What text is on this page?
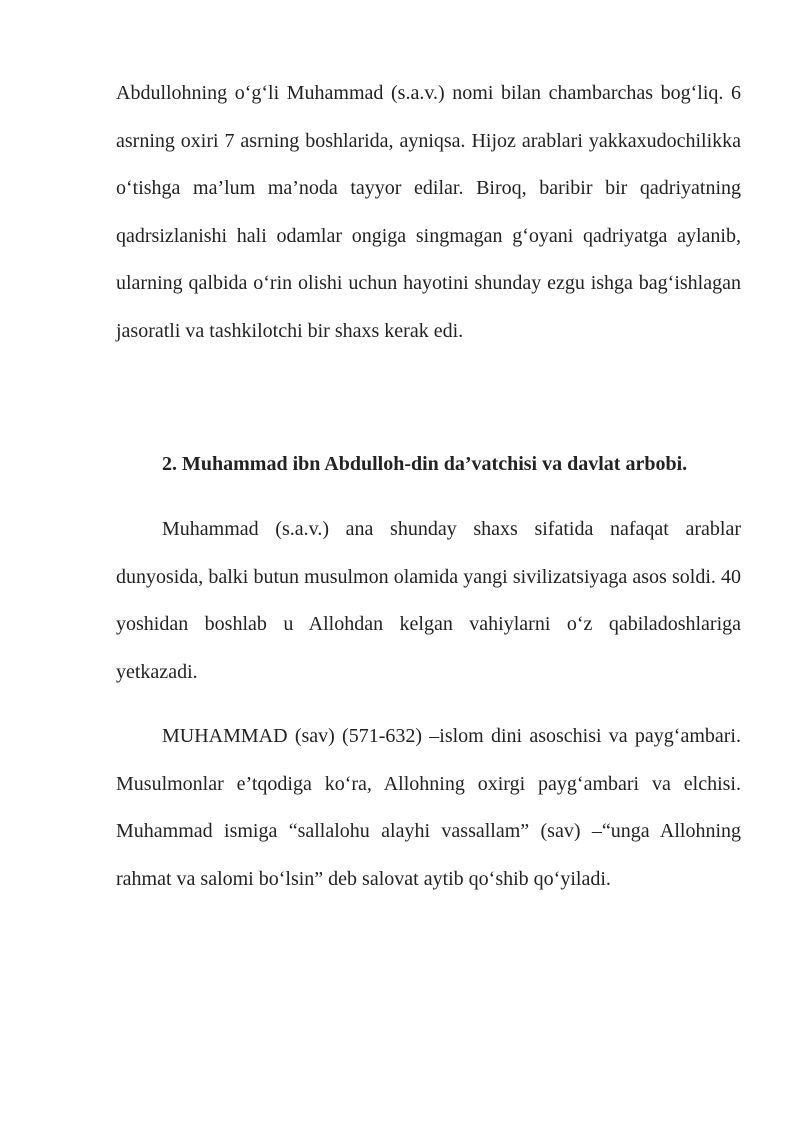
Abdullohning o‘g‘li Muhammad (s.a.v.) nomi bilan chambarchas bog‘liq. 6 asrning oxiri 7 asrning boshlarida, ayniqsa. Hijoz arablari yakkaxudochilikka o‘tishga ma’lum ma’noda tayyor edilar. Biroq, baribir bir qadriyatning qadrsizlanishi hali odamlar ongiga singmagan g‘oyani qadriyatga aylanib, ularning qalbida o‘rin olishi uchun hayotini shunday ezgu ishga bag‘ishlagan jasoratli va tashkilotchi bir shaxs kerak edi.

2. Muhammad ibn Abdulloh-din da’vatchisi va davlat arbobi.

Muhammad (s.a.v.) ana shunday shaxs sifatida nafaqat arablar dunyosida, balki butun musulmon olamida yangi sivilizatsiyaga asos soldi. 40 yoshidan boshlab u Allohdan kelgan vahiylarni o‘z qabiladoshlariga yetkazadi.

MUHAMMAD (sav) (571-632) –islom dini asoschisi va payg‘ambari. Musulmonlar e’tqodiga ko‘ra, Allohning oxirgi payg‘ambari va elchisi. Muhammad ismiga “sallalohu alayhi vassallam” (sav) –“unga Allohning rahmat va salomi bo‘lsin” deb salovat aytib qo‘shib qo‘yiladi.
